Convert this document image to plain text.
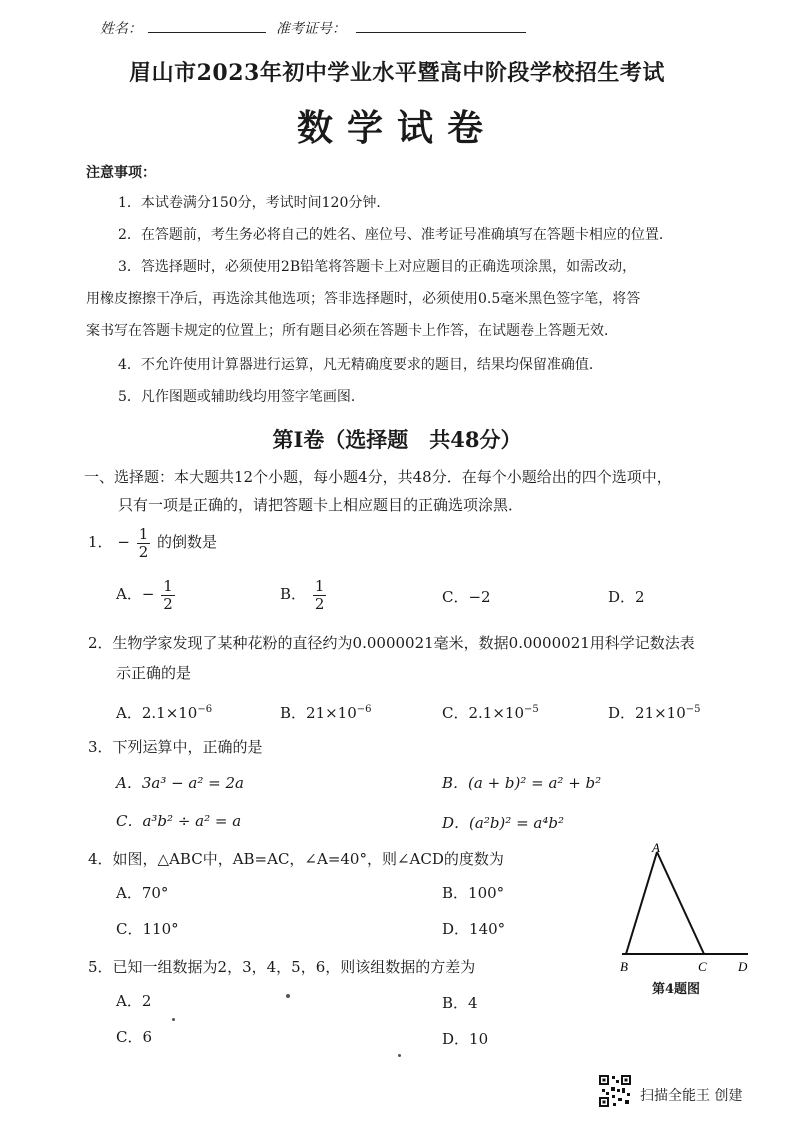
姓名：	准考证号：
眉山市2023年初中学业水平暨高中阶段学校招生考试
数学试卷
注意事项：
1．本试卷满分150分，考试时间120分钟．
2．在答题前，考生务必将自己的姓名、座位号、准考证号准确填写在答题卡相应的位置．
3．答选择题时，必须使用2B铅笔将答题卡上对应题目的正确选项涂黑，如需改动，
用橡皮擦擦干净后，再选涂其他选项；答非选择题时，必须使用0.5毫米黑色签字笔，将答
案书写在答题卡规定的位置上；所有题目必须在答题卡上作答，在试题卷上答题无效．
4．不允许使用计算器进行运算，凡无精确度要求的题目，结果均保留准确值．
5．凡作图题或辅助线均用签字笔画图．
第Ⅰ卷（选择题　共48分）
一、选择题：本大题共12个小题，每小题4分，共48分．在每个小题给出的四个选项中，
只有一项是正确的，请把答题卡上相应题目的正确选项涂黑．
1． − $\frac{1}{2}$ 的倒数是
A．− $\frac{1}{2}$	B． $\frac{1}{2}$	C．−2	D．2
2．生物学家发现了某种花粉的直径约为0.0000021毫米，数据0.0000021用科学记数法表
示正确的是
A．$2.1\times 10^{-6}$	B．$21\times 10^{-6}$	C．$2.1\times 10^{-5}$	D．$21\times 10^{-5}$
3．下列运算中，正确的是
A．3a³ − a² = 2a	B．(a + b)² = a² + b²
C．a³b² ÷ a² = a	D．(a²b)² = a⁴b²
4．如图，△ABC中，AB=AC，∠A=40°，则∠ACD的度数为
A．70°	B．100°
C．110°	D．140°
A
B	C D
第4题图
5．已知一组数据为2，3，4，5，6，则该组数据的方差为
A．2	B．4
C．6	D．10
扫描全能王 创建
